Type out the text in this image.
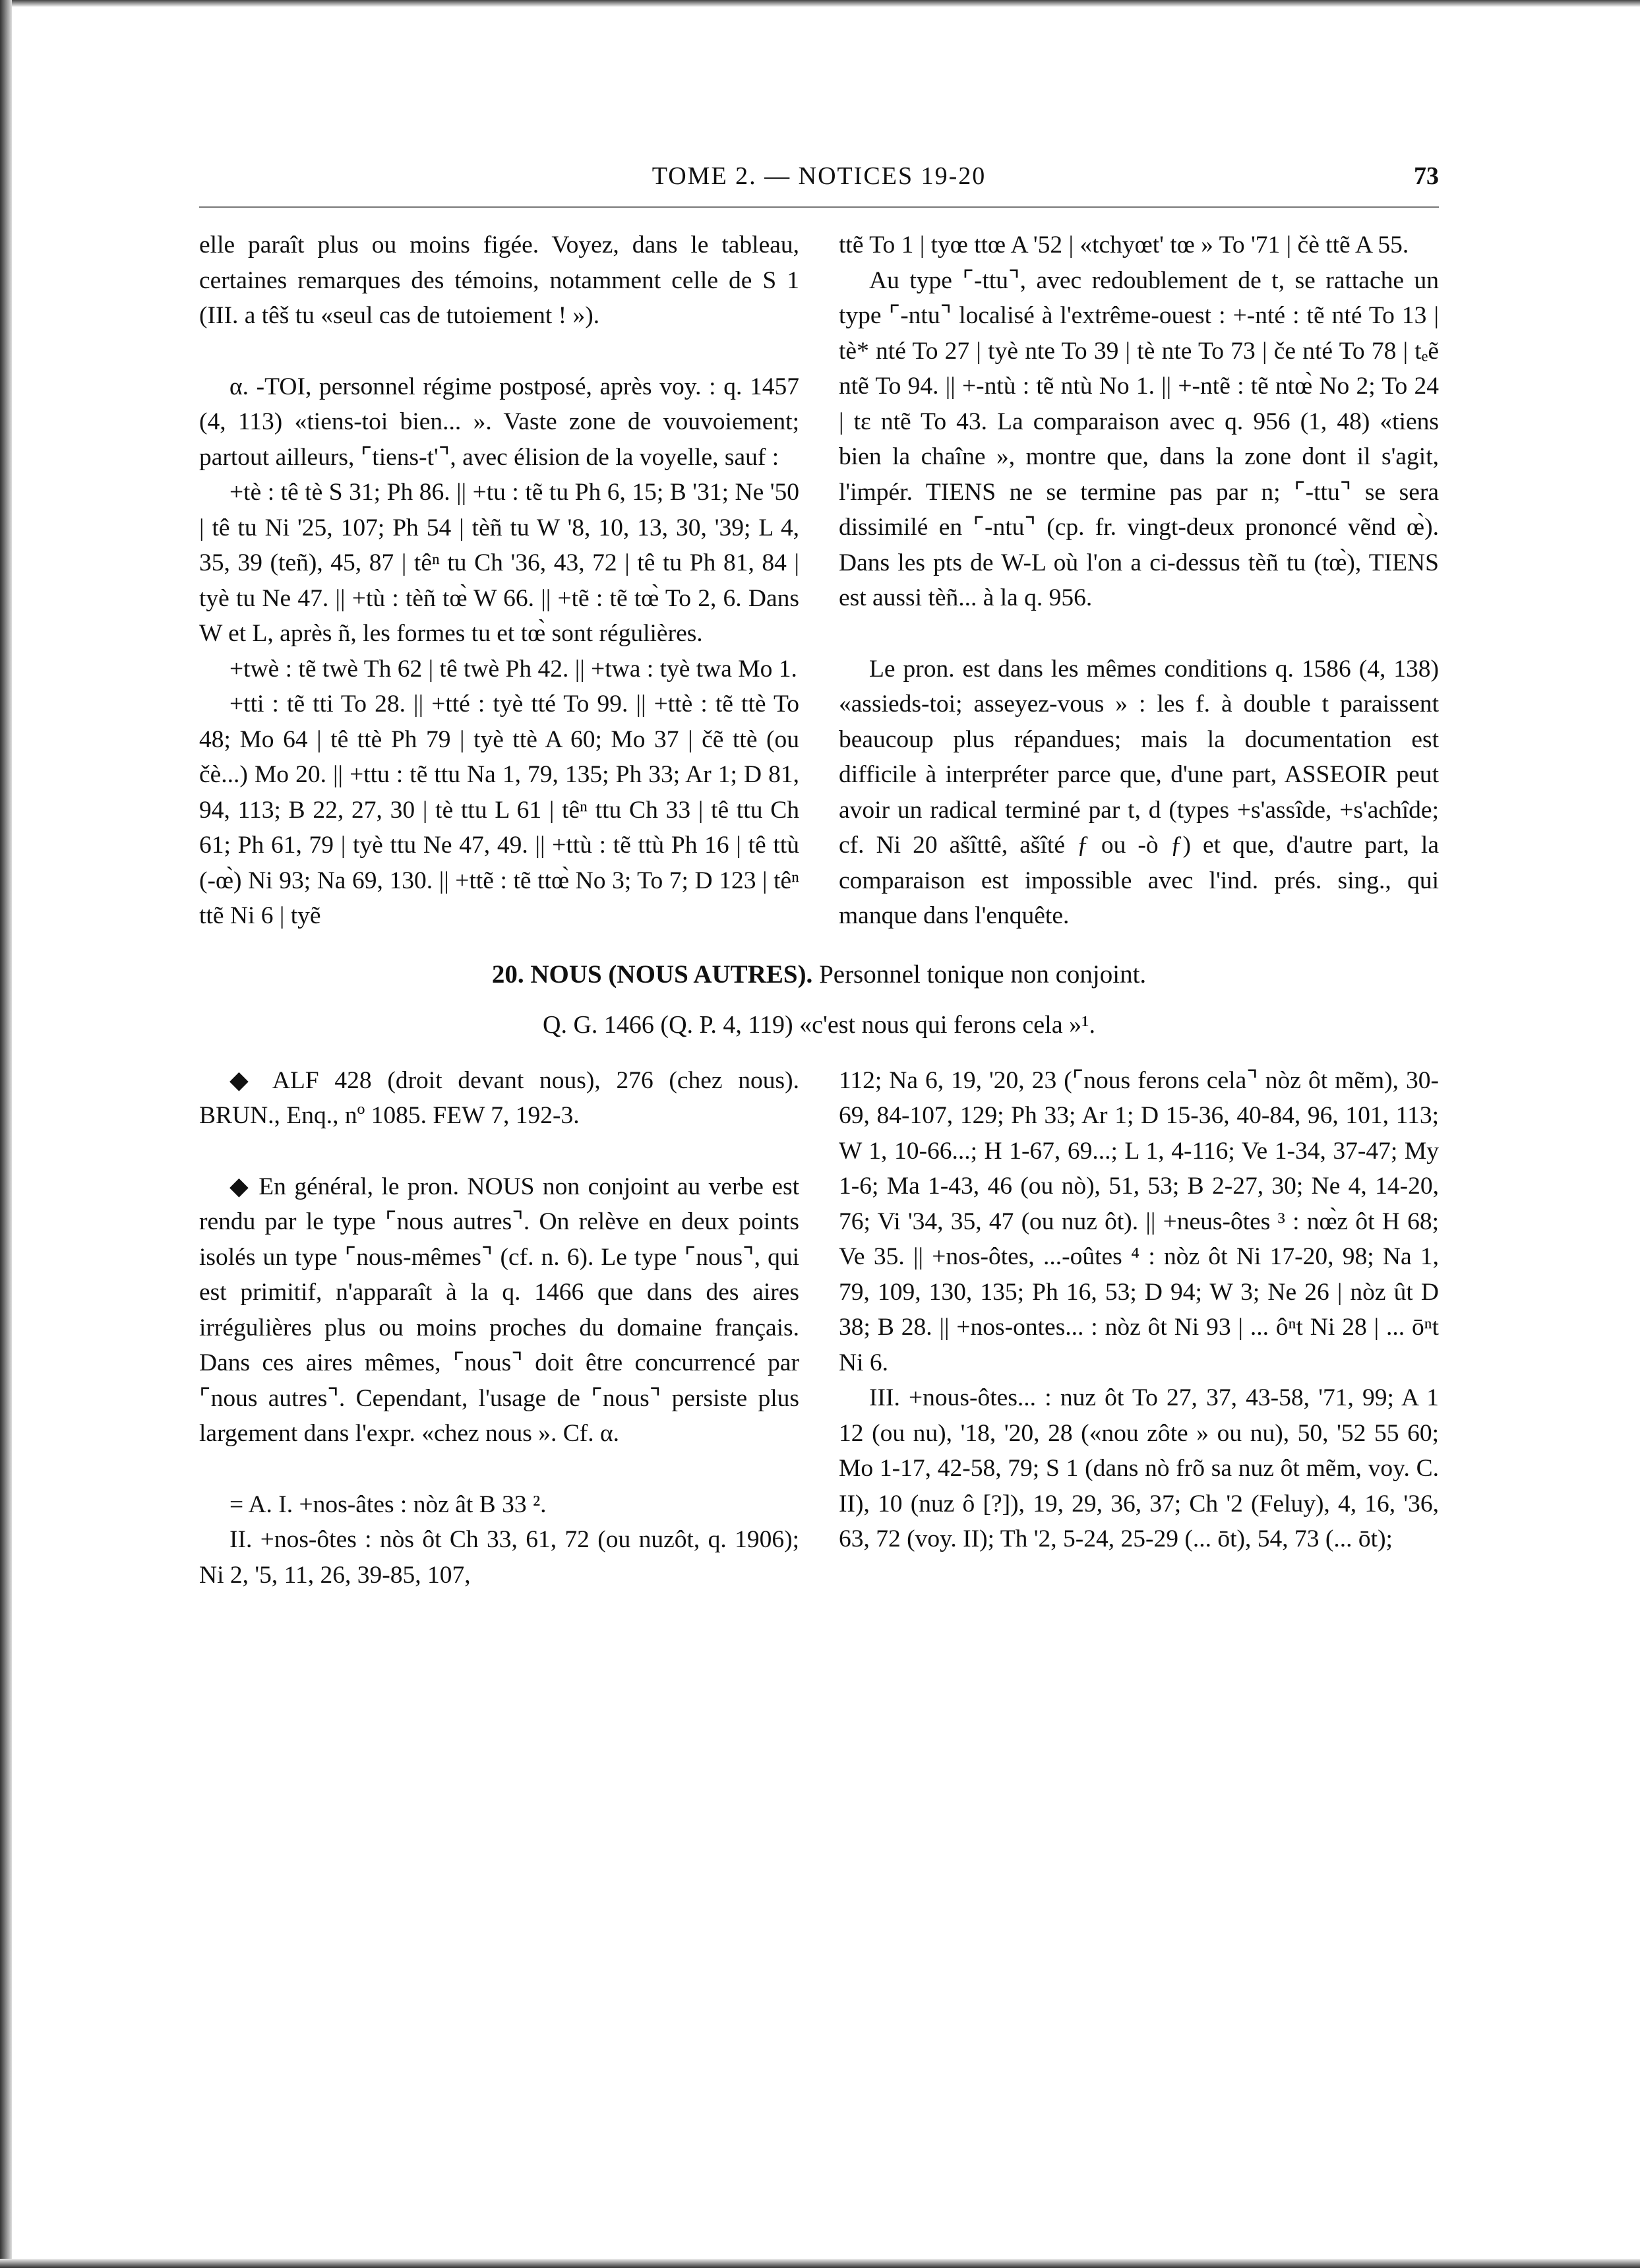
TOME 2. — NOTICES 19-20	73

elle paraît plus ou moins figée. Voyez, dans le tableau, certaines remarques des témoins, notamment celle de S 1 (III. a têš tu «seul cas de tutoiement ! »).

α. -TOI, personnel régime postposé, après voy. : q. 1457 (4, 113) «tiens-toi bien... ». Vaste zone de vouvoiement; partout ailleurs, ⌜tiens-t'⌝, avec élision de la voyelle, sauf :

+tè : tê tè S 31; Ph 86. || +tu : tẽ tu Ph 6, 15; B '31; Ne '50 | tê tu Ni '25, 107; Ph 54 | tèñ tu W '8, 10, 13, 30, '39; L 4, 35, 39 (teñ), 45, 87 | têⁿ tu Ch '36, 43, 72 | tê tu Ph 81, 84 | tyè tu Ne 47. || +tù : tèñ tœ̀ W 66. || +tẽ : tẽ tœ̀ To 2, 6. Dans W et L, après ñ, les formes tu et tœ̀ sont régulières.

+twè : tẽ twè Th 62 | tê twè Ph 42. || +twa : tyè twa Mo 1.

+tti : tẽ tti To 28. || +tté : tyè tté To 99. || +ttè : tẽ ttè To 48; Mo 64 | tê ttè Ph 79 | tyè ttè A 60; Mo 37 | čẽ ttè (ou čè...) Mo 20. || +ttu : tẽ ttu Na 1, 79, 135; Ph 33; Ar 1; D 81, 94, 113; B 22, 27, 30 | tè ttu L 61 | têⁿ ttu Ch 33 | tê ttu Ch 61; Ph 61, 79 | tyè ttu Ne 47, 49. || +ttù : tẽ ttù Ph 16 | tê ttù (-œ̀) Ni 93; Na 69, 130. || +ttẽ : tẽ ttœ̀ No 3; To 7; D 123 | têⁿ ttẽ Ni 6 | tyẽ

ttẽ To 1 | tyœ ttœ A '52 | «tchyœt' tœ » To '71 | čè ttẽ A 55.

Au type ⌜-ttu⌝, avec redoublement de t, se rattache un type ⌜-ntu⌝ localisé à l'extrême-ouest : +-nté : tẽ nté To 13 | tè* nté To 27 | tyè nte To 39 | tè nte To 73 | če nté To 78 | tₑẽ ntẽ To 94. || +-ntù : tẽ ntù No 1. || +-ntẽ : tẽ ntœ̀ No 2; To 24 | tɛ ntẽ To 43. La comparaison avec q. 956 (1, 48) «tiens bien la chaîne », montre que, dans la zone dont il s'agit, l'impér. TIENS ne se termine pas par n; ⌜-ttu⌝ se sera dissimilé en ⌜-ntu⌝ (cp. fr. vingt-deux prononcé vẽnd œ̀). Dans les pts de W-L où l'on a ci-dessus tèñ tu (tœ̀), TIENS est aussi tèñ... à la q. 956.

Le pron. est dans les mêmes conditions q. 1586 (4, 138) «assieds-toi; asseyez-vous » : les f. à double t paraissent beaucoup plus répandues; mais la documentation est difficile à interpréter parce que, d'une part, ASSEOIR peut avoir un radical terminé par t, d (types +s'assîde, +s'achîde; cf. Ni 20 ašîttê, ašîté ƒ ou -ò ƒ) et que, d'autre part, la comparaison est impossible avec l'ind. prés. sing., qui manque dans l'enquête.

20. NOUS (NOUS AUTRES). Personnel tonique non conjoint.
Q. G. 1466 (Q. P. 4, 119) «c'est nous qui ferons cela »¹.

◆ ALF 428 (droit devant nous), 276 (chez nous). BRUN., Enq., nº 1085. FEW 7, 192-3.

◆ En général, le pron. NOUS non conjoint au verbe est rendu par le type ⌜nous autres⌝. On relève en deux points isolés un type ⌜nous-mêmes⌝ (cf. n. 6). Le type ⌜nous⌝, qui est primitif, n'apparaît à la q. 1466 que dans des aires irrégulières plus ou moins proches du domaine français. Dans ces aires mêmes, ⌜nous⌝ doit être concurrencé par ⌜nous autres⌝. Cependant, l'usage de ⌜nous⌝ persiste plus largement dans l'expr. «chez nous ». Cf. α.

= A. I. +nos-âtes : nòz ât B 33 ².

II. +nos-ôtes : nòs ôt Ch 33, 61, 72 (ou nuzôt, q. 1906); Ni 2, '5, 11, 26, 39-85, 107,

112; Na 6, 19, '20, 23 (⌜nous ferons cela⌝ nòz ôt mẽm), 30-69, 84-107, 129; Ph 33; Ar 1; D 15-36, 40-84, 96, 101, 113; W 1, 10-66...; H 1-67, 69...; L 1, 4-116; Ve 1-34, 37-47; My 1-6; Ma 1-43, 46 (ou nò), 51, 53; B 2-27, 30; Ne 4, 14-20, 76; Vi '34, 35, 47 (ou nuz ôt). || +neus-ôtes ³ : nœ̀z ôt H 68; Ve 35. || +nos-ôtes, ...-oûtes ⁴ : nòz ôt Ni 17-20, 98; Na 1, 79, 109, 130, 135; Ph 16, 53; D 94; W 3; Ne 26 | nòz ût D 38; B 28. || +nos-ontes... : nòz ôt Ni 93 | ... ôⁿt Ni 28 | ... ōⁿt Ni 6.

III. +nous-ôtes... : nuz ôt To 27, 37, 43-58, '71, 99; A 1 12 (ou nu), '18, '20, 28 («nou zôte » ou nu), 50, '52 55 60; Mo 1-17, 42-58, 79; S 1 (dans nò frõ sa nuz ôt mẽm, voy. C. II), 10 (nuz ô [?]), 19, 29, 36, 37; Ch '2 (Feluy), 4, 16, '36, 63, 72 (voy. II); Th '2, 5-24, 25-29 (... ōt), 54, 73 (... ōt);
